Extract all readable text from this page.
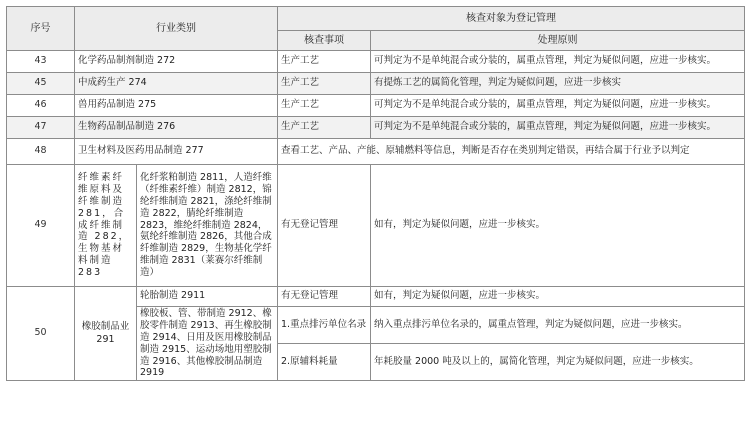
序号	行业类别		核查对象为登记管理	
			核查事项	处理原则
43	化学药品制剂制造 272		生产工艺	可判定为不是单纯混合或分装的，属重点管理，判定为疑似问题，应进一步核实。
45	中成药生产 274		生产工艺	有提炼工艺的属简化管理，判定为疑似问题，应进一步核实
46	兽用药品制造 275		生产工艺	可判定为不是单纯混合或分装的，属重点管理，判定为疑似问题，应进一步核实。
47	生物药品制品制造 276		生产工艺	可判定为不是单纯混合或分装的，属重点管理，判定为疑似问题，应进一步核实。
48	卫生材料及医药用品制造 277		查看工艺、产品、产能、原辅燃料等信息，判断是否存在类别判定错误，再结合属于行业予以判定	
49	纤维素纤维原料及纤维制造 281，合成纤维制造 282，生物基材料制造 283	化纤浆粕制造 2811，人造纤维（纤维素纤维）制造 2812，锦纶纤维制造 2821，涤纶纤维制造 2822，腈纶纤维制造 2823，维纶纤维制造 2824，氨纶纤维制造 2826，其他合成纤维制造 2829，生物基化学纤维制造 2831（莱赛尔纤维制造）	有无登记管理	如有，判定为疑似问题，应进一步核实。
50	橡胶制品业 291	轮胎制造 2911	有无登记管理	如有，判定为疑似问题，应进一步核实。
		橡胶板、管、带制造 2912、橡胶零件制造 2913、再生橡胶制造 2914、日用及医用橡胶制品制造 2915、运动场地用塑胶制造 2916、其他橡胶制品制造 2919	1.重点排污单位名录	纳入重点排污单位名录的，属重点管理，判定为疑似问题，应进一步核实。
			2.原辅料耗量	年耗胶量 2000 吨及以上的，属简化管理，判定为疑似问题，应进一步核实。
